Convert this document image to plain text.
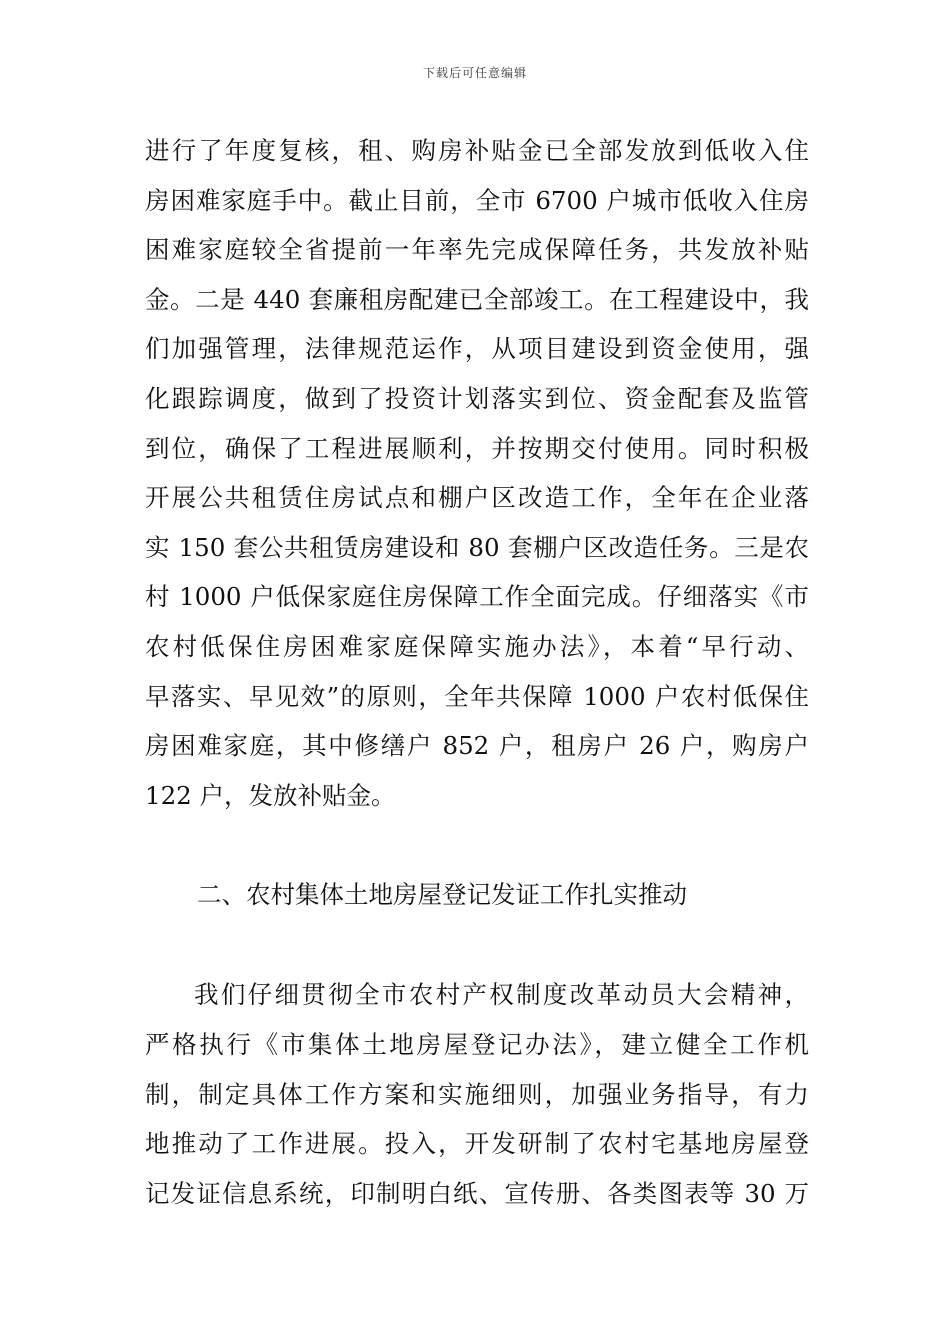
下载后可任意编辑
进行了年度复核，租、购房补贴金已全部发放到低收入住
房困难家庭手中。截止目前，全市 6700 户城市低收入住房
困难家庭较全省提前一年率先完成保障任务，共发放补贴
金。二是 440 套廉租房配建已全部竣工。在工程建设中，我
们加强管理，法律规范运作，从项目建设到资金使用，强
化跟踪调度，做到了投资计划落实到位、资金配套及监管
到位，确保了工程进展顺利，并按期交付使用。同时积极
开展公共租赁住房试点和棚户区改造工作，全年在企业落
实 150 套公共租赁房建设和 80 套棚户区改造任务。三是农
村 1000 户低保家庭住房保障工作全面完成。仔细落实《市
农村低保住房困难家庭保障实施办法》，本着“早行动、
早落实、早见效”的原则，全年共保障 1000 户农村低保住
房困难家庭，其中修缮户 852 户，租房户 26 户，购房户
122 户，发放补贴金。
二、农村集体土地房屋登记发证工作扎实推动
我们仔细贯彻全市农村产权制度改革动员大会精神，
严格执行《市集体土地房屋登记办法》，建立健全工作机
制，制定具体工作方案和实施细则，加强业务指导，有力
地推动了工作进展。投入，开发研制了农村宅基地房屋登
记发证信息系统，印制明白纸、宣传册、各类图表等 30 万
